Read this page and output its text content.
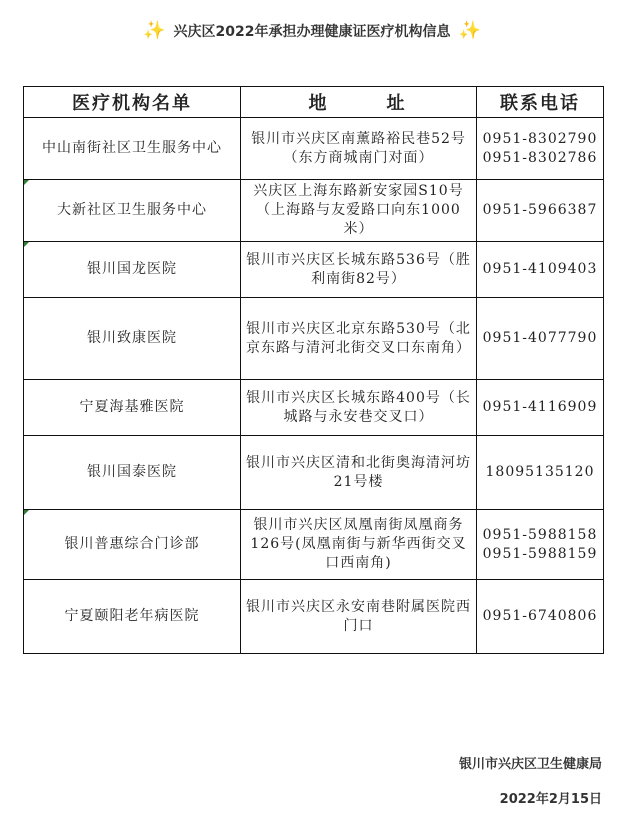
✨ 兴庆区2022年承担办理健康证医疗机构信息 ✨
医疗机构名单	地址	联系电话
中山南街社区卫生服务中心	银川市兴庆区南薰路裕民巷52号（东方商城南门对面）	0951-8302790
0951-8302786

大新社区卫生服务中心	兴庆区上海东路新安家园S10号（上海路与友爱路口向东1000米）	0951-5966387

银川国龙医院	银川市兴庆区长城东路536号（胜利南街82号）	0951-4109403

银川致康医院	银川市兴庆区北京东路530号（北京东路与清河北街交叉口东南角）	0951-4077790

宁夏海基雅医院	银川市兴庆区长城东路400号（长城路与永安巷交叉口）	0951-4116909

银川国泰医院	银川市兴庆区清和北街奥海清河坊21号楼	18095135120

银川普惠综合门诊部	银川市兴庆区凤凰南街凤凰商务126号(凤凰南街与新华西街交叉口西南角)	0951-5988158
0951-5988159

宁夏颐阳老年病医院	银川市兴庆区永安南巷附属医院西门口	0951-6740806
银川市兴庆区卫生健康局
2022年2月15日
